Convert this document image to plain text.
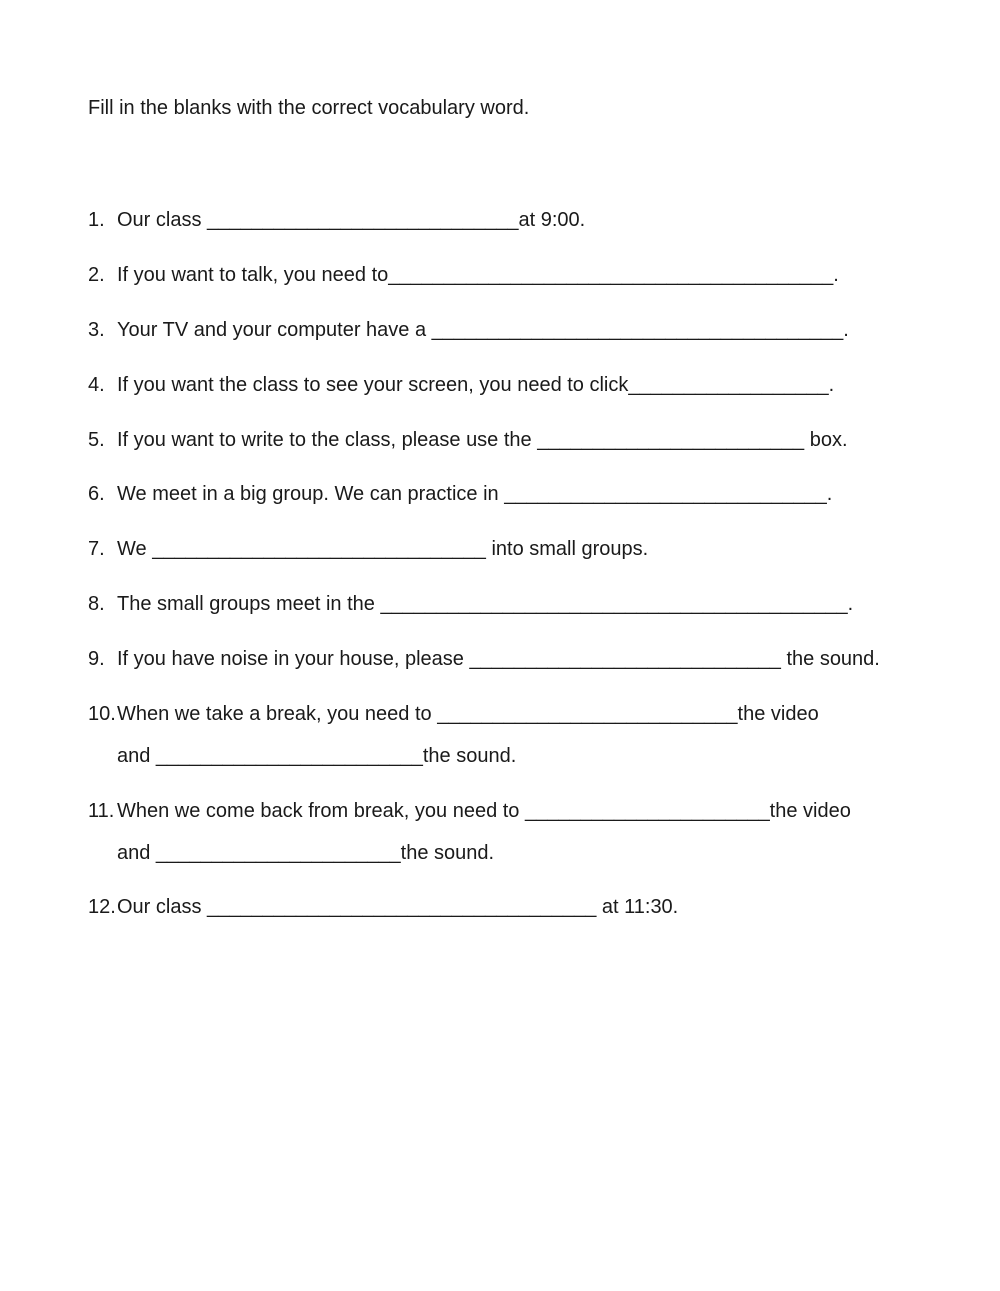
Fill in the blanks with the correct vocabulary word.
1. Our class ____________________________at 9:00.
2. If you want to talk, you need to________________________________________.
3. Your TV and your computer have a _____________________________________.
4. If you want the class to see your screen, you need to click__________________.
5. If you want to write to the class, please use the ________________________ box.
6. We meet in a big group. We can practice in _____________________________.
7. We ______________________________ into small groups.
8. The small groups meet in the __________________________________________.
9. If you have noise in your house, please ____________________________ the sound.
10. When we take a break, you need to ___________________________the video
and ________________________the sound.
11. When we come back from break, you need to ______________________the video
and ______________________the sound.
12. Our class ___________________________________ at 11:30.
